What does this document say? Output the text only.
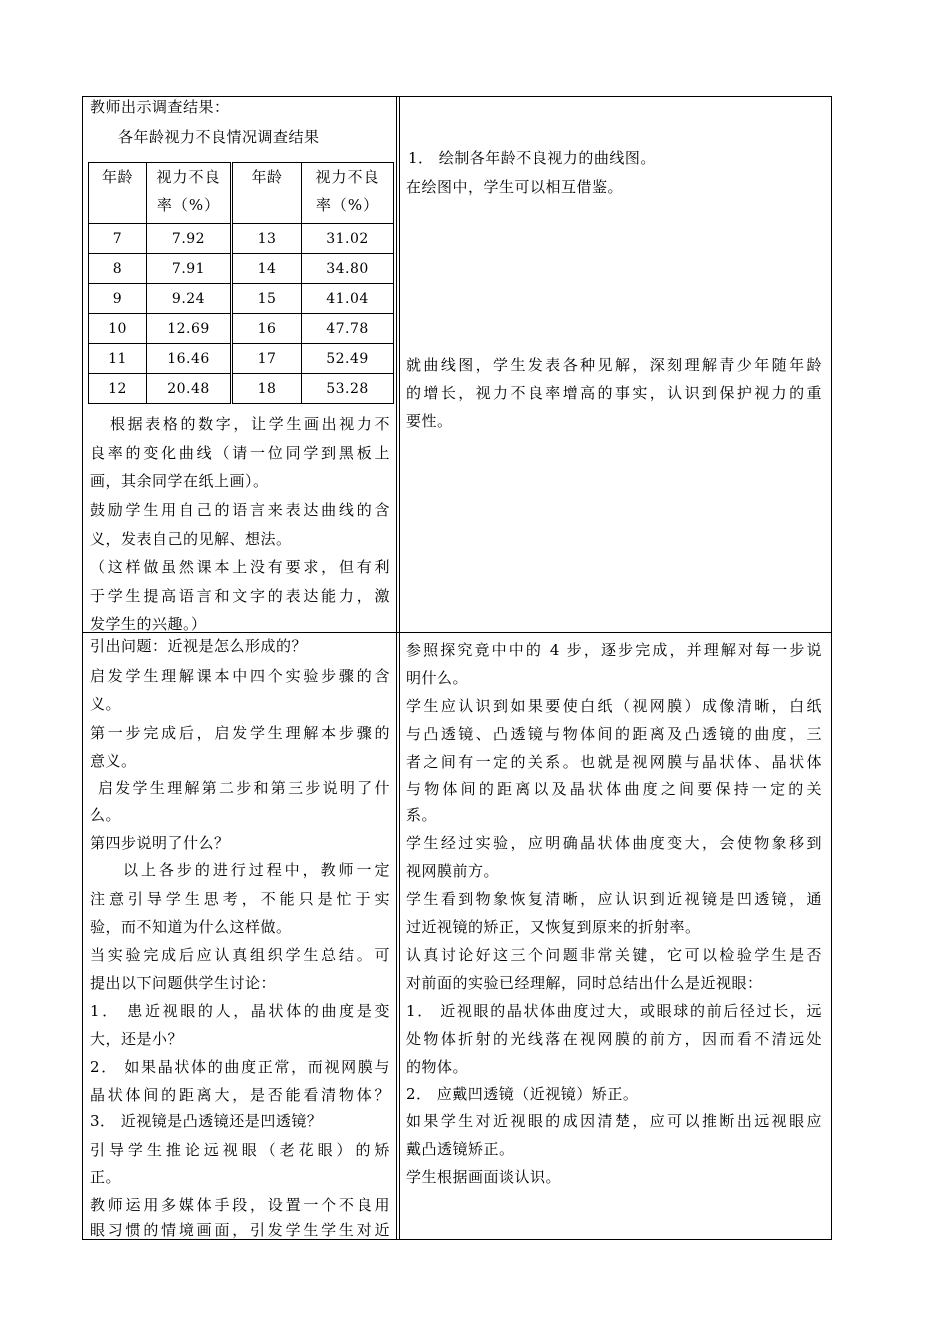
教师出示调查结果：
各年龄视力不良情况调查结果
年龄	视力不良率（%）	年龄	视力不良率（%）

7	7.92	13	31.02
8	7.91	14	34.80
9	9.24	15	41.04
10	12.69	16	47.78
11	16.46	17	52.49
12	20.48	18	53.28
根据表格的数字，让学生画出视力不
良率的变化曲线（请一位同学到黑板上
画，其余同学在纸上画）。
鼓励学生用自己的语言来表达曲线的含
义，发表自己的见解、想法。
（这样做虽然课本上没有要求，但有利
于学生提高语言和文字的表达能力，激
发学生的兴趣。）
1． 绘制各年龄不良视力的曲线图。
在绘图中，学生可以相互借鉴。
就曲线图，学生发表各种见解，深刻理解青少年随年龄
的增长，视力不良率增高的事实，认识到保护视力的重
要性。
引出问题：近视是怎么形成的？
启发学生理解课本中四个实验步骤的含
义。
第一步完成后，启发学生理解本步骤的
意义。
启发学生理解第二步和第三步说明了什
么。
第四步说明了什么？
以上各步的进行过程中，教师一定
注意引导学生思考，不能只是忙于实
验，而不知道为什么这样做。
当实验完成后应认真组织学生总结。可
提出以下问题供学生讨论：
1． 患近视眼的人，晶状体的曲度是变
大，还是小？
2． 如果晶状体的曲度正常，而视网膜与
晶状体间的距离大，是否能看清物体？
3． 近视镜是凸透镜还是凹透镜？
引导学生推论远视眼（老花眼）的矫
正。
教师运用多媒体手段，设置一个不良用
眼习惯的情境画面，引发学生学生对近
参照探究竟中中的 4 步，逐步完成，并理解对每一步说
明什么。
学生应认识到如果要使白纸（视网膜）成像清晰，白纸
与凸透镜、凸透镜与物体间的距离及凸透镜的曲度，三
者之间有一定的关系。也就是视网膜与晶状体、晶状体
与物体间的距离以及晶状体曲度之间要保持一定的关
系。
学生经过实验，应明确晶状体曲度变大，会使物象移到
视网膜前方。
学生看到物象恢复清晰，应认识到近视镜是凹透镜，通
过近视镜的矫正，又恢复到原来的折射率。
认真讨论好这三个问题非常关键，它可以检验学生是否
对前面的实验已经理解，同时总结出什么是近视眼：
1． 近视眼的晶状体曲度过大，或眼球的前后径过长，远
处物体折射的光线落在视网膜的前方，因而看不清远处
的物体。
2． 应戴凹透镜（近视镜）矫正。
如果学生对近视眼的成因清楚，应可以推断出远视眼应
戴凸透镜矫正。
学生根据画面谈认识。
